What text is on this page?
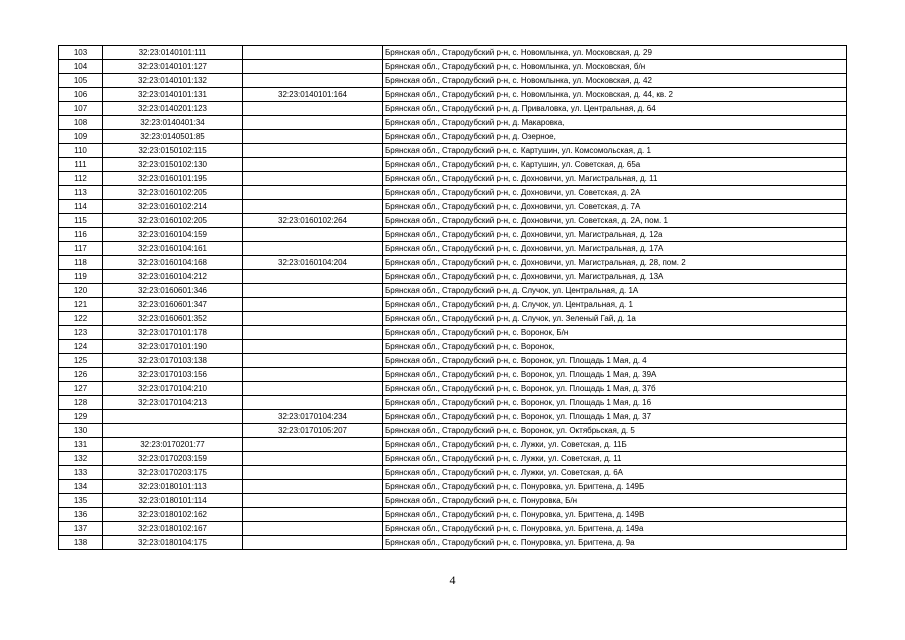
103	32:23:0140101:111		Брянская обл., Стародубский р-н, с. Новомлынка, ул. Московская, д. 29
104	32:23:0140101:127		Брянская обл., Стародубский р-н, с. Новомлынка, ул. Московская, б/н
105	32:23:0140101:132		Брянская обл., Стародубский р-н, с. Новомлынка, ул. Московская, д. 42
106	32:23:0140101:131	32:23:0140101:164	Брянская обл., Стародубский р-н, с. Новомлынка, ул. Московская, д. 44, кв. 2
107	32:23:0140201:123		Брянская обл., Стародубский р-н, д. Приваловка, ул. Центральная, д. 64
108	32:23:0140401:34		Брянская обл., Стародубский р-н, д. Макаровка,
109	32:23:0140501:85		Брянская обл., Стародубский р-н, д. Озерное,
110	32:23:0150102:115		Брянская обл., Стародубский р-н, с. Картушин, ул. Комсомольская, д. 1
111	32:23:0150102:130		Брянская обл., Стародубский р-н, с. Картушин, ул. Советская, д. 65а
112	32:23:0160101:195		Брянская обл., Стародубский р-н, с. Дохновичи, ул. Магистральная, д. 11
113	32:23:0160102:205		Брянская обл., Стародубский р-н, с. Дохновичи, ул. Советская, д. 2А
114	32:23:0160102:214		Брянская обл., Стародубский р-н, с. Дохновичи, ул. Советская, д. 7А
115	32:23:0160102:205	32:23:0160102:264	Брянская обл., Стародубский р-н, с. Дохновичи, ул. Советская, д. 2А, пом. 1
116	32:23:0160104:159		Брянская обл., Стародубский р-н, с. Дохновичи, ул. Магистральная, д. 12а
117	32:23:0160104:161		Брянская обл., Стародубский р-н, с. Дохновичи, ул. Магистральная, д. 17А
118	32:23:0160104:168	32:23:0160104:204	Брянская обл., Стародубский р-н, с. Дохновичи, ул. Магистральная, д. 28, пом. 2
119	32:23:0160104:212		Брянская обл., Стародубский р-н, с. Дохновичи, ул. Магистральная, д. 13А
120	32:23:0160601:346		Брянская обл., Стародубский р-н, д. Случок, ул. Центральная, д. 1А
121	32:23:0160601:347		Брянская обл., Стародубский р-н, д. Случок, ул. Центральная, д. 1
122	32:23:0160601:352		Брянская обл., Стародубский р-н, д. Случок, ул. Зеленый Гай, д. 1а
123	32:23:0170101:178		Брянская обл., Стародубский р-н, с. Воронок, Б/н
124	32:23:0170101:190		Брянская обл., Стародубский р-н, с. Воронок,
125	32:23:0170103:138		Брянская обл., Стародубский р-н, с. Воронок, ул. Площадь 1 Мая, д. 4
126	32:23:0170103:156		Брянская обл., Стародубский р-н, с. Воронок, ул. Площадь 1 Мая, д. 39А
127	32:23:0170104:210		Брянская обл., Стародубский р-н, с. Воронок, ул. Площадь 1 Мая, д. 37б
128	32:23:0170104:213		Брянская обл., Стародубский р-н, с. Воронок, ул. Площадь 1 Мая, д. 16
129		32:23:0170104:234	Брянская обл., Стародубский р-н, с. Воронок, ул. Площадь 1 Мая, д. 37
130		32:23:0170105:207	Брянская обл., Стародубский р-н, с. Воронок, ул. Октябрьская, д. 5
131	32:23:0170201:77		Брянская обл., Стародубский р-н, с. Лужки, ул. Советская, д. 11Б
132	32:23:0170203:159		Брянская обл., Стародубский р-н, с. Лужки, ул. Советская, д. 11
133	32:23:0170203:175		Брянская обл., Стародубский р-н, с. Лужки, ул. Советская, д. 6А
134	32:23:0180101:113		Брянская обл., Стародубский р-н, с. Понуровка, ул. Бригтена, д. 149Б
135	32:23:0180101:114		Брянская обл., Стародубский р-н, с. Понуровка, Б/н
136	32:23:0180102:162		Брянская обл., Стародубский р-н, с. Понуровка, ул. Бригтена, д. 149В
137	32:23:0180102:167		Брянская обл., Стародубский р-н, с. Понуровка, ул. Бригтена, д. 149а
138	32:23:0180104:175		Брянская обл., Стародубский р-н, с. Понуровка, ул. Бригтена, д. 9а
4
